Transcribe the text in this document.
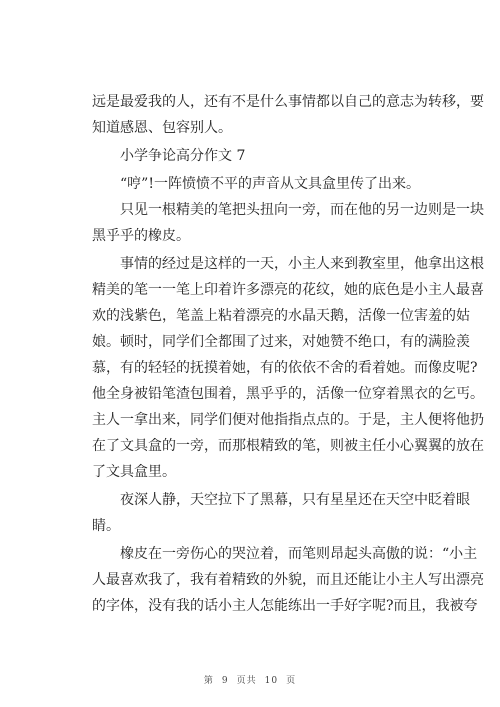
远是最爱我的人，还有不是什么事情都以自己的意志为转移，要
知道感恩、包容别人。
小学争论高分作文 7
“哼”!一阵愤愤不平的声音从文具盒里传了出来。
只见一根精美的笔把头扭向一旁，而在他的另一边则是一块
黑乎乎的橡皮。
事情的经过是这样的一天，小主人来到教室里，他拿出这根
精美的笔一一笔上印着许多漂亮的花纹，她的底色是小主人最喜
欢的浅紫色，笔盖上粘着漂亮的水晶天鹅，活像一位害羞的姑
娘。顿时，同学们全都围了过来，对她赞不绝口，有的满脸羡
慕，有的轻轻的抚摸着她，有的依依不舍的看着她。而像皮呢?
他全身被铅笔渣包围着，黑乎乎的，活像一位穿着黑衣的乞丐。
主人一拿出来，同学们便对他指指点点的。于是，主人便将他扔
在了文具盒的一旁，而那根精致的笔，则被主任小心翼翼的放在
了文具盒里。
夜深人静，天空拉下了黑幕，只有星星还在天空中眨着眼
睛。
橡皮在一旁伤心的哭泣着，而笔则昂起头高傲的说：“小主
人最喜欢我了，我有着精致的外貌，而且还能让小主人写出漂亮
的字体，没有我的话小主人怎能练出一手好字呢?而且，我被夸
第 9 页共 10 页
